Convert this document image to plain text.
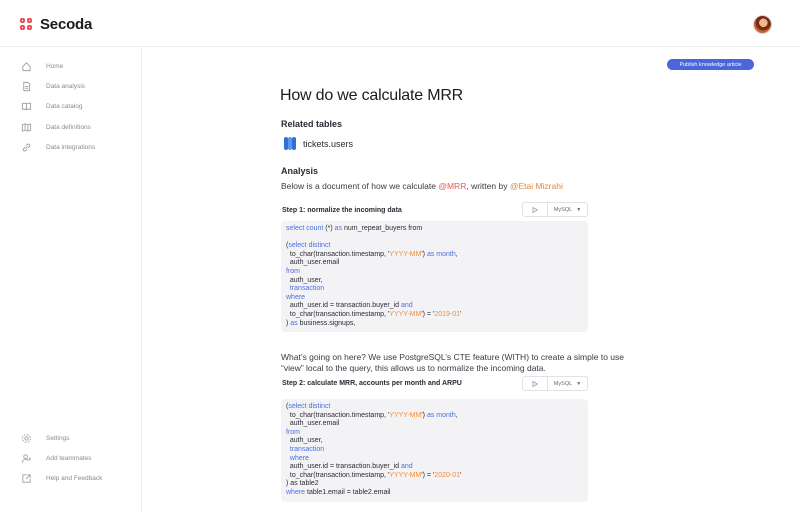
Secoda
Home
Data analysis
Data catalog
Data definitions
Data integrations
Settings
Add teammates
Help and Feedback
Publish knowledge article
How do we calculate MRR
Related tables
tickets.users
Analysis
Below is a document of how we calculate @MRR, written by @Etai Mizrahi
Step 1: normalize the incoming data	MySQL ▼
select count (*) as num_repeat_buyers from
(select distinct
to_char(transaction.timestamp, 'YYYY-MM') as month,
auth_user.email
from
auth_user,
transaction
where
auth_user.id = transaction.buyer_id and
to_char(transaction.timestamp, 'YYYY-MM') = '2019-01'
) as business.signups,
What’s going on here? We use PostgreSQL’s CTE feature (WITH) to create a simple to use
“view” local to the query, this allows us to normalize the incoming data.
Step 2: calculate MRR, accounts per month and ARPU	MySQL ▼
(select distinct
to_char(transaction.timestamp, 'YYYY-MM') as month,
auth_user.email
from
auth_user,
transaction
where
auth_user.id = transaction.buyer_id and
to_char(transaction.timestamp, 'YYYY-MM') = '2020-01'
) as table2
where table1.email = table2.email
